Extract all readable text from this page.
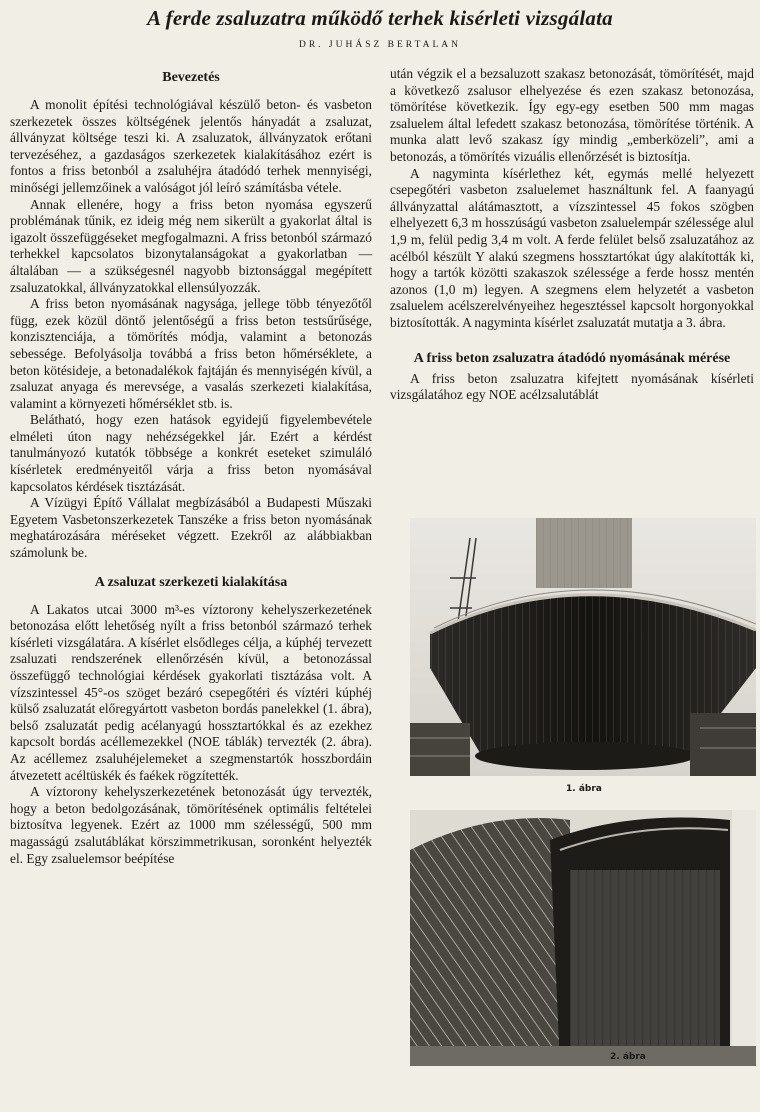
A ferde zsaluzatra működő terhek kisérleti vizsgálata
DR. JUHÁSZ BERTALAN
Bevezetés

A monolit építési technológiával készülő beton- és vasbeton szerkezetek összes költségének jelentős hányadát a zsaluzat, állványzat költsége teszi ki. A zsaluzatok, állványzatok erőtani tervezéséhez, a gazdaságos szerkezetek kialakításához ezért is fontos a friss betonból a zsaluhéjra átadódó terhek mennyiségi, minőségi jellemzőinek a valóságot jól leíró számításba vétele.

Annak ellenére, hogy a friss beton nyomása egyszerű problémának tűnik, ez ideig még nem sikerült a gyakorlat által is igazolt összefüggéseket megfogalmazni. A friss betonból származó terhekkel kapcsolatos bizonytalanságokat a gyakorlatban — általában — a szükségesnél nagyobb biztonsággal megépített zsaluzatokkal, állványzatokkal ellensúlyozzák.

A friss beton nyomásának nagysága, jellege több tényezőtől függ, ezek közül döntő jelentőségű a friss beton testsűrűsége, konzisztenciája, a tömörítés módja, valamint a betonozás sebessége. Befolyásolja továbbá a friss beton hőmérséklete, a beton kötésideje, a betonadalékok fajtáján és mennyiségén kívül, a zsaluzat anyaga és merevsége, a vasalás szerkezeti kialakítása, valamint a környezeti hőmérséklet stb. is.

Belátható, hogy ezen hatások egyidejű figyelembevétele elméleti úton nagy nehézségekkel jár. Ezért a kérdést tanulmányozó kutatók többsége a konkrét eseteket szimuláló kísérletek eredményeitől várja a friss beton nyomásával kapcsolatos kérdések tisztázását.

A Vízügyi Építő Vállalat megbízásából a Budapesti Műszaki Egyetem Vasbetonszerkezetek Tanszéke a friss beton nyomásának meghatározására méréseket végzett. Ezekről az alábbiakban számolunk be.

A zsaluzat szerkezeti kialakítása

A Lakatos utcai 3000 m³-es víztorony kehelyszerkezetének betonozása előtt lehetőség nyílt a friss betonból származó terhek kísérleti vizsgálatára. A kísérlet elsődleges célja, a kúphéj tervezett zsaluzati rendszerének ellenőrzésén kívül, a betonozással összefüggő technológiai kérdések gyakorlati tisztázása volt. A vízszintessel 45°-os szöget bezáró csepegőtéri és víztéri kúphéj külső zsaluzatát előregyártott vasbeton bordás panelekkel (1. ábra), belső zsaluzatát pedig acélanyagú hossztartókkal és az ezekhez kapcsolt bordás acéllemezekkel (NOE táblák) tervezték (2. ábra). Az acéllemez zsaluhéjelemeket a szegmenstartók hosszbordáin átvezetett acéltüskék és faékek rögzítették.

A víztorony kehelyszerkezetének betonozását úgy tervezték, hogy a beton bedolgozásának, tömörítésének optimális feltételei biztosítva legyenek. Ezért az 1000 mm szélességű, 500 mm magasságú zsalutáblákat körszimmetrikusan, soronként helyezték el. Egy zsaluelemsor beépítése

után végzik el a bezsaluzott szakasz betonozását, tömörítését, majd a következő zsalusor elhelyezése és ezen szakasz betonozása, tömörítése következik. Így egy-egy esetben 500 mm magas zsaluelem által lefedett szakasz betonozása, tömörítése történik. A munka alatt levő szakasz így mindig „emberközeli”, ami a betonozás, a tömörítés vizuális ellenőrzését is biztosítja.

A nagyminta kísérlethez két, egymás mellé helyezett csepegőtéri vasbeton zsaluelemet használtunk fel. A faanyagú állványzattal alátámasztott, a vízszintessel 45 fokos szögben elhelyezett 6,3 m hosszúságú vasbeton zsaluelempár szélessége alul 1,9 m, felül pedig 3,4 m volt. A ferde felület belső zsaluzatához az acélból készült Y alakú szegmens hossztartókat úgy alakították ki, hogy a tartók közötti szakaszok szélessége a ferde hossz mentén azonos (1,0 m) legyen. A szegmens elem helyzetét a vasbeton zsaluelem acélszerelvényeihez hegesztéssel kapcsolt horgonyokkal biztosították. A nagyminta kísérlet zsaluzatát mutatja a 3. ábra.

A friss beton zsaluzatra átadódó nyomásának mérése

A friss beton zsaluzatra kifejtett nyomásának kísérleti vizsgálatához egy NOE acélzsalutáblát

1. ábra
2. ábra
